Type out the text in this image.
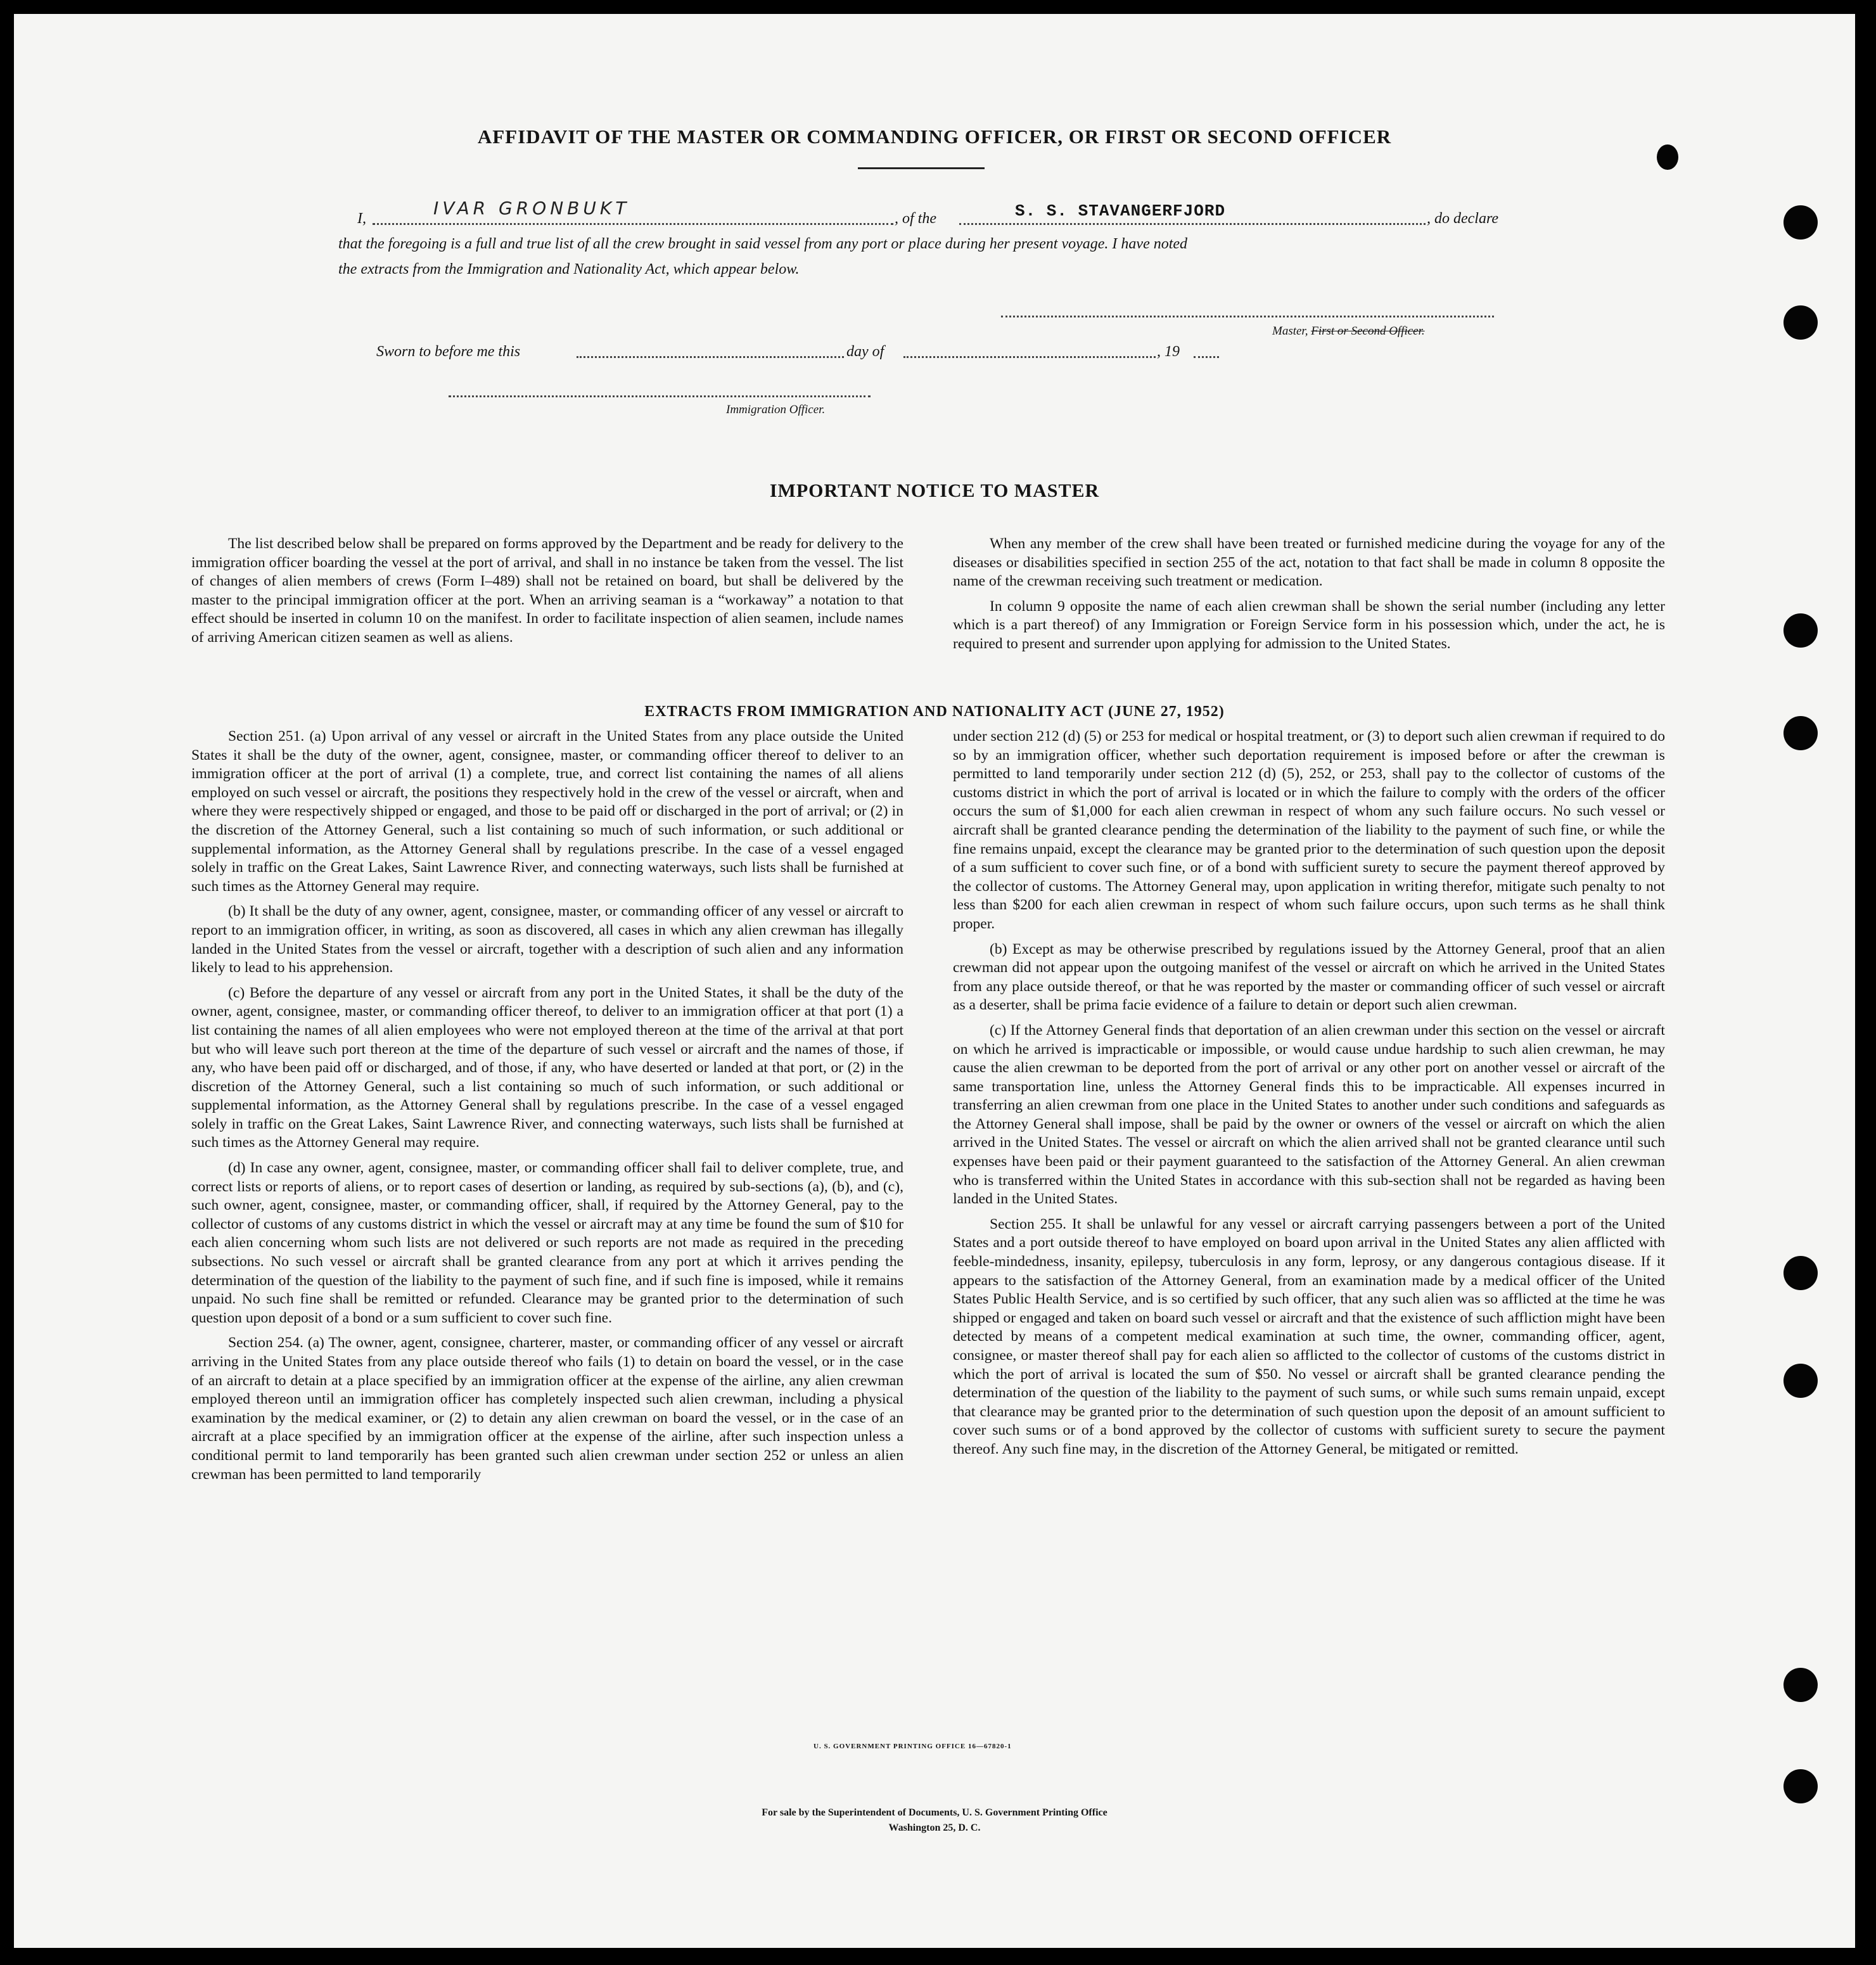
AFFIDAVIT OF THE MASTER OR COMMANDING OFFICER, OR FIRST OR SECOND OFFICER
I,	IVAR GRONBUKT	, of the	S. S. STAVANGERFJORD	, do declare
that the foregoing is a full and true list of all the crew brought in said vessel from any port or place during her present voyage. I have noted
the extracts from the Immigration and Nationality Act, which appear below.
Master, First or Second Officer.
Sworn to before me this	day of	, 19
Immigration Officer.
IMPORTANT NOTICE TO MASTER

The list described below shall be prepared on forms approved by the Department and be ready for delivery to the immigration officer boarding the vessel at the port of arrival, and shall in no instance be taken from the vessel. The list of changes of alien members of crews (Form I–489) shall not be retained on board, but shall be delivered by the master to the principal immigration officer at the port. When an arriving seaman is a “workaway” a notation to that effect should be inserted in column 10 on the manifest. In order to facilitate inspection of alien seamen, include names of arriving American citizen seamen as well as aliens.

When any member of the crew shall have been treated or furnished medicine during the voyage for any of the diseases or disabilities specified in section 255 of the act, notation to that fact shall be made in column 8 opposite the name of the crewman receiving such treatment or medication.

In column 9 opposite the name of each alien crewman shall be shown the serial number (including any letter which is a part thereof) of any Immigration or Foreign Service form in his possession which, under the act, he is required to present and surrender upon applying for admission to the United States.

EXTRACTS FROM IMMIGRATION AND NATIONALITY ACT (JUNE 27, 1952)

Section 251. (a) Upon arrival of any vessel or aircraft in the United States from any place outside the United States it shall be the duty of the owner, agent, consignee, master, or commanding officer thereof to deliver to an immigration officer at the port of arrival (1) a complete, true, and correct list containing the names of all aliens employed on such vessel or aircraft, the positions they respectively hold in the crew of the vessel or aircraft, when and where they were respectively shipped or engaged, and those to be paid off or discharged in the port of arrival; or (2) in the discretion of the Attorney General, such a list containing so much of such information, or such additional or supplemental information, as the Attorney General shall by regulations prescribe. In the case of a vessel engaged solely in traffic on the Great Lakes, Saint Lawrence River, and connecting waterways, such lists shall be furnished at such times as the Attorney General may require.

(b) It shall be the duty of any owner, agent, consignee, master, or commanding officer of any vessel or aircraft to report to an immigration officer, in writing, as soon as discovered, all cases in which any alien crewman has illegally landed in the United States from the vessel or aircraft, together with a description of such alien and any information likely to lead to his apprehension.

(c) Before the departure of any vessel or aircraft from any port in the United States, it shall be the duty of the owner, agent, consignee, master, or commanding officer thereof, to deliver to an immigration officer at that port (1) a list containing the names of all alien employees who were not employed thereon at the time of the arrival at that port but who will leave such port thereon at the time of the departure of such vessel or aircraft and the names of those, if any, who have been paid off or discharged, and of those, if any, who have deserted or landed at that port, or (2) in the discretion of the Attorney General, such a list containing so much of such information, or such additional or supplemental information, as the Attorney General shall by regulations prescribe. In the case of a vessel engaged solely in traffic on the Great Lakes, Saint Lawrence River, and connecting waterways, such lists shall be furnished at such times as the Attorney General may require.

(d) In case any owner, agent, consignee, master, or commanding officer shall fail to deliver complete, true, and correct lists or reports of aliens, or to report cases of desertion or landing, as required by sub-sections (a), (b), and (c), such owner, agent, consignee, master, or commanding officer, shall, if required by the Attorney General, pay to the collector of customs of any customs district in which the vessel or aircraft may at any time be found the sum of $10 for each alien concerning whom such lists are not delivered or such reports are not made as required in the preceding subsections. No such vessel or aircraft shall be granted clearance from any port at which it arrives pending the determination of the question of the liability to the payment of such fine, and if such fine is imposed, while it remains unpaid. No such fine shall be remitted or refunded. Clearance may be granted prior to the determination of such question upon deposit of a bond or a sum sufficient to cover such fine.

Section 254. (a) The owner, agent, consignee, charterer, master, or commanding officer of any vessel or aircraft arriving in the United States from any place outside thereof who fails (1) to detain on board the vessel, or in the case of an aircraft to detain at a place specified by an immigration officer at the expense of the airline, any alien crewman employed thereon until an immigration officer has completely inspected such alien crewman, including a physical examination by the medical examiner, or (2) to detain any alien crewman on board the vessel, or in the case of an aircraft at a place specified by an immigration officer at the expense of the airline, after such inspection unless a conditional permit to land temporarily has been granted such alien crewman under section 252 or unless an alien crewman has been permitted to land temporarily

under section 212 (d) (5) or 253 for medical or hospital treatment, or (3) to deport such alien crewman if required to do so by an immigration officer, whether such deportation requirement is imposed before or after the crewman is permitted to land temporarily under section 212 (d) (5), 252, or 253, shall pay to the collector of customs of the customs district in which the port of arrival is located or in which the failure to comply with the orders of the officer occurs the sum of $1,000 for each alien crewman in respect of whom any such failure occurs. No such vessel or aircraft shall be granted clearance pending the determination of the liability to the payment of such fine, or while the fine remains unpaid, except the clearance may be granted prior to the determination of such question upon the deposit of a sum sufficient to cover such fine, or of a bond with sufficient surety to secure the payment thereof approved by the collector of customs. The Attorney General may, upon application in writing therefor, mitigate such penalty to not less than $200 for each alien crewman in respect of whom such failure occurs, upon such terms as he shall think proper.

(b) Except as may be otherwise prescribed by regulations issued by the Attorney General, proof that an alien crewman did not appear upon the outgoing manifest of the vessel or aircraft on which he arrived in the United States from any place outside thereof, or that he was reported by the master or commanding officer of such vessel or aircraft as a deserter, shall be prima facie evidence of a failure to detain or deport such alien crewman.

(c) If the Attorney General finds that deportation of an alien crewman under this section on the vessel or aircraft on which he arrived is impracticable or impossible, or would cause undue hardship to such alien crewman, he may cause the alien crewman to be deported from the port of arrival or any other port on another vessel or aircraft of the same transportation line, unless the Attorney General finds this to be impracticable. All expenses incurred in transferring an alien crewman from one place in the United States to another under such conditions and safeguards as the Attorney General shall impose, shall be paid by the owner or owners of the vessel or aircraft on which the alien arrived in the United States. The vessel or aircraft on which the alien arrived shall not be granted clearance until such expenses have been paid or their payment guaranteed to the satisfaction of the Attorney General. An alien crewman who is transferred within the United States in accordance with this sub-section shall not be regarded as having been landed in the United States.

Section 255. It shall be unlawful for any vessel or aircraft carrying passengers between a port of the United States and a port outside thereof to have employed on board upon arrival in the United States any alien afflicted with feeble-mindedness, insanity, epilepsy, tuberculosis in any form, leprosy, or any dangerous contagious disease. If it appears to the satisfaction of the Attorney General, from an examination made by a medical officer of the United States Public Health Service, and is so certified by such officer, that any such alien was so afflicted at the time he was shipped or engaged and taken on board such vessel or aircraft and that the existence of such affliction might have been detected by means of a competent medical examination at such time, the owner, commanding officer, agent, consignee, or master thereof shall pay for each alien so afflicted to the collector of customs of the customs district in which the port of arrival is located the sum of $50. No vessel or aircraft shall be granted clearance pending the determination of the question of the liability to the payment of such sums, or while such sums remain unpaid, except that clearance may be granted prior to the determination of such question upon the deposit of an amount sufficient to cover such sums or of a bond approved by the collector of customs with sufficient surety to secure the payment thereof. Any such fine may, in the discretion of the Attorney General, be mitigated or remitted.

U. S. GOVERNMENT PRINTING OFFICE 16—67820-1
For sale by the Superintendent of Documents, U. S. Government Printing Office
Washington 25, D. C.
